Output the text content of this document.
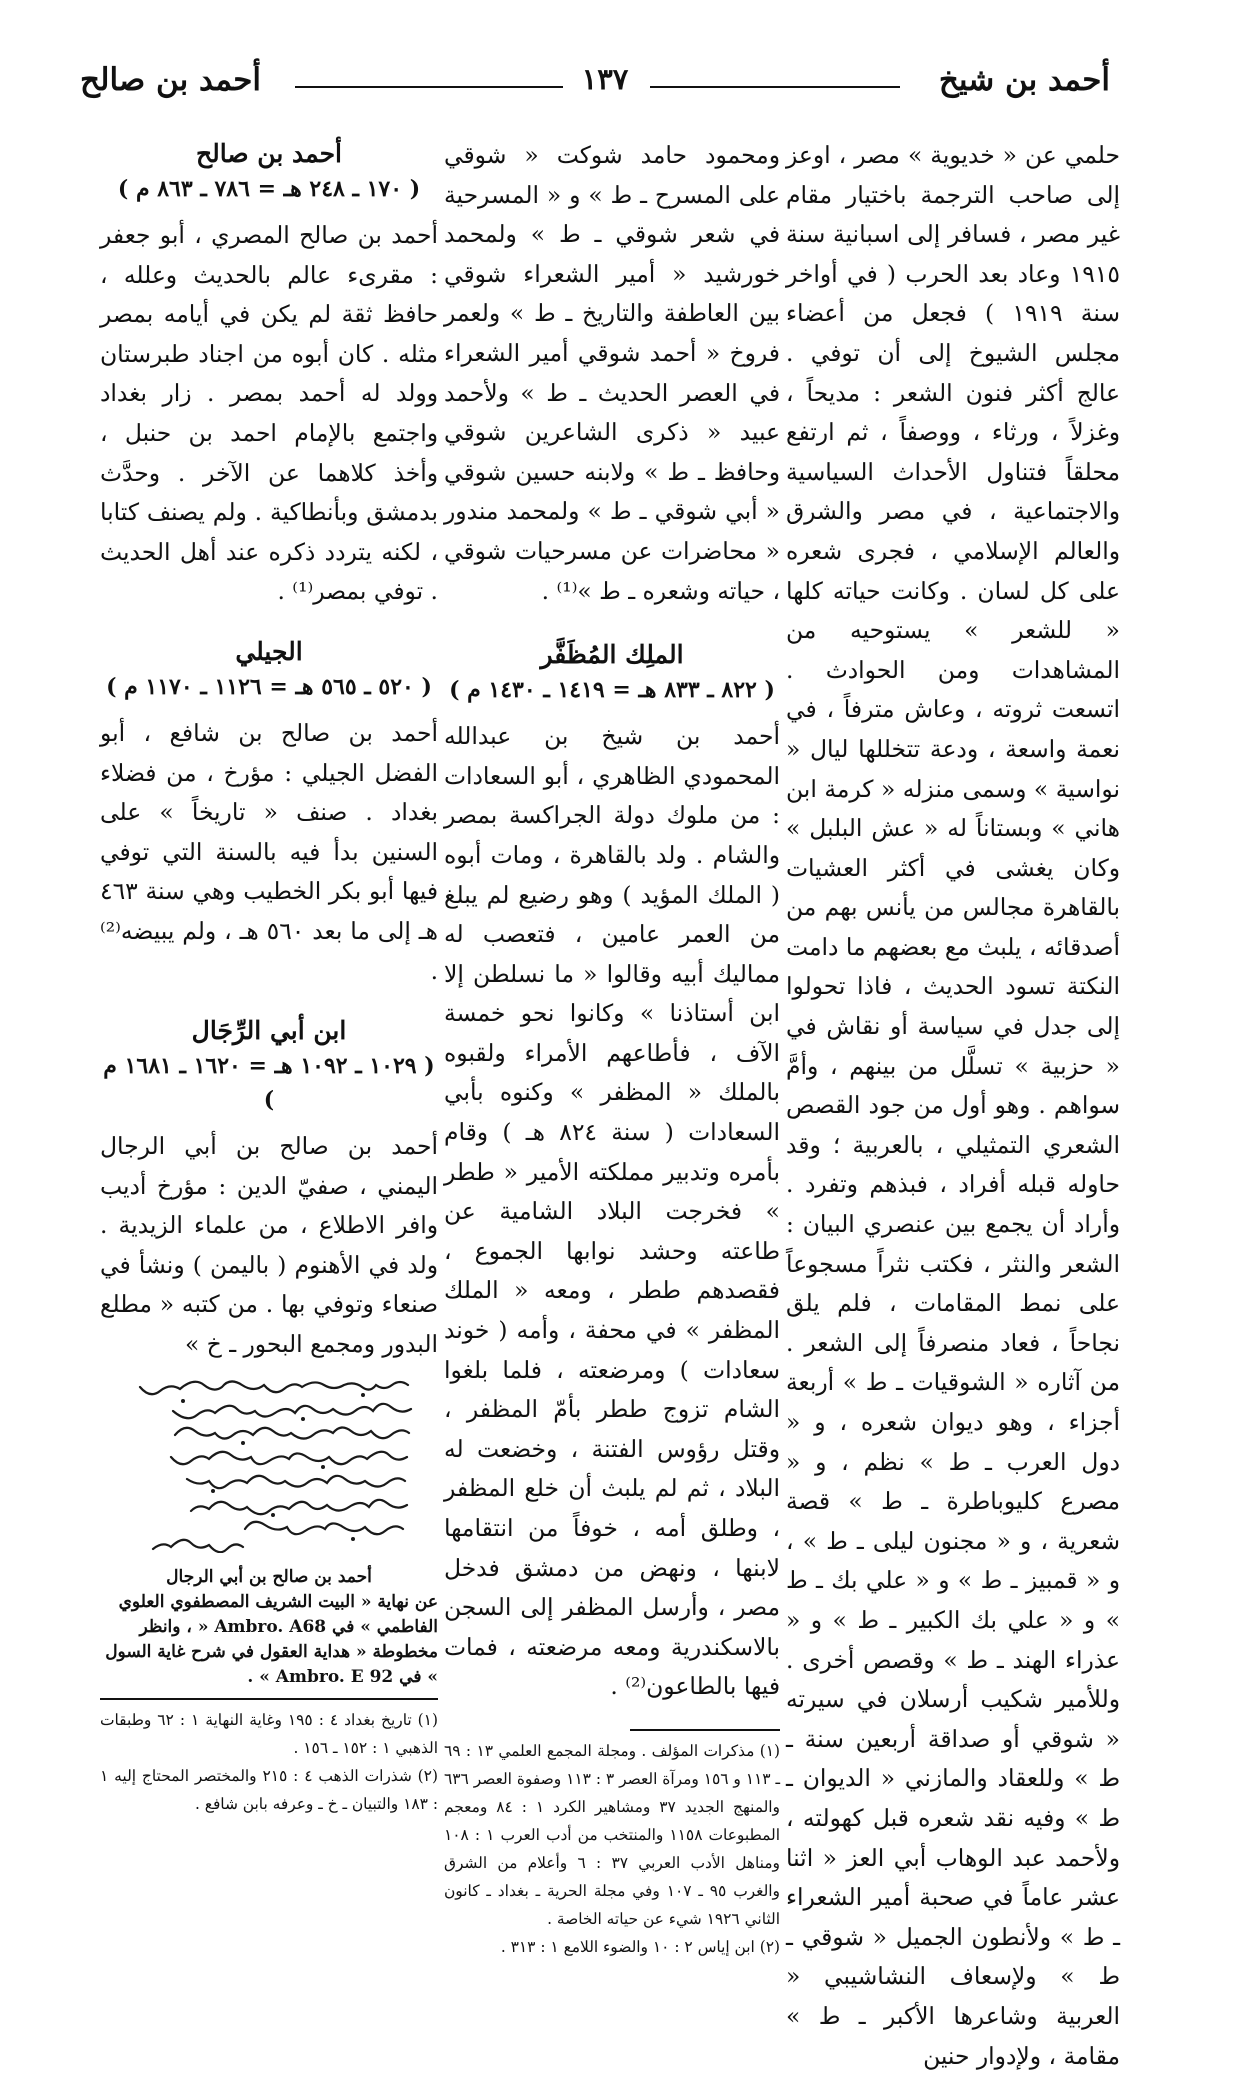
أحمد بن شيخ
١٣٧
أحمد بن صالح

حلمي عن « خديوية » مصر ، اوعز إلى صاحب الترجمة باختيار مقام غير مصر ، فسافر إلى اسبانية سنة ١٩١٥ وعاد بعد الحرب ( في أواخر سنة ١٩١٩ ) فجعل من أعضاء مجلس الشيوخ إلى أن توفي . عالج أكثر فنون الشعر : مديحاً ، وغزلاً ، ورثاء ، ووصفاً ، ثم ارتفع محلقاً فتناول الأحداث السياسية والاجتماعية ، في مصر والشرق والعالم الإسلامي ، فجرى شعره على كل لسان . وكانت حياته كلها « للشعر » يستوحيه من المشاهدات ومن الحوادث . اتسعت ثروته ، وعاش مترفاً ، في نعمة واسعة ، ودعة تتخللها ليال « نواسية » وسمى منزله « كرمة ابن هاني » وبستاناً له « عش البلبل » وكان يغشى في أكثر العشيات بالقاهرة مجالس من يأنس بهم من أصدقائه ، يلبث مع بعضهم ما دامت النكتة تسود الحديث ، فاذا تحولوا إلى جدل في سياسة أو نقاش في « حزبية » تسلَّل من بينهم ، وأمَّ سواهم . وهو أول من جود القصص الشعري التمثيلي ، بالعربية ؛ وقد حاوله قبله أفراد ، فبذهم وتفرد . وأراد أن يجمع بين عنصري البيان : الشعر والنثر ، فكتب نثراً مسجوعاً على نمط المقامات ، فلم يلق نجاحاً ، فعاد منصرفاً إلى الشعر . من آثاره « الشوقيات ـ ط » أربعة أجزاء ، وهو ديوان شعره ، و « دول العرب ـ ط » نظم ، و « مصرع كليوباطرة ـ ط » قصة شعرية ، و « مجنون ليلى ـ ط » ، و « قمبيز ـ ط » و « علي بك ـ ط » و « علي بك الكبير ـ ط » و « عذراء الهند ـ ط » وقصص أخرى . وللأمير شكيب أرسلان في سيرته « شوقي أو صداقة أربعين سنة ـ ط » وللعقاد والمازني « الديوان ـ ط » وفيه نقد شعره قبل كهولته ، ولأحمد عبد الوهاب أبي العز « اثنا عشر عاماً في صحبة أمير الشعراء ـ ط » ولأنطون الجميل « شوقي ـ ط » ولإسعاف النشاشيبي « العربية وشاعرها الأكبر ـ ط » مقامة ، ولإدوار حنين

ومحمود حامد شوكت « شوقي على المسرح ـ ط » و « المسرحية في شعر شوقي ـ ط » ولمحمد خورشيد « أمير الشعراء شوقي بين العاطفة والتاريخ ـ ط » ولعمر فروخ « أحمد شوقي أمير الشعراء في العصر الحديث ـ ط » ولأحمد عبيد « ذكرى الشاعرين شوقي وحافظ ـ ط » ولابنه حسين شوقي « أبي شوقي ـ ط » ولمحمد مندور « محاضرات عن مسرحيات شوقي ، حياته وشعره ـ ط »⁽¹⁾ .

الملِك المُظَفَّر

( ٨٢٢ ـ ٨٣٣ هـ = ١٤١٩ ـ ١٤٣٠ م )

أحمد بن شيخ بن عبدالله المحمودي الظاهري ، أبو السعادات : من ملوك دولة الجراكسة بمصر والشام . ولد بالقاهرة ، ومات أبوه ( الملك المؤيد ) وهو رضيع لم يبلغ من العمر عامين ، فتعصب له مماليك أبيه وقالوا « ما نسلطن إلا ابن أستاذنا » وكانوا نحو خمسة الآف ، فأطاعهم الأمراء ولقبوه بالملك « المظفر » وكنوه بأبي السعادات ( سنة ٨٢٤ هـ ) وقام بأمره وتدبير مملكته الأمير « ططر » فخرجت البلاد الشامية عن طاعته وحشد نوابها الجموع ، فقصدهم ططر ، ومعه « الملك المظفر » في محفة ، وأمه ( خوند سعادات ) ومرضعته ، فلما بلغوا الشام تزوج ططر بأمّ المظفر ، وقتل رؤوس الفتنة ، وخضعت له البلاد ، ثم لم يلبث أن خلع المظفر ، وطلق أمه ، خوفاً من انتقامها لابنها ، ونهض من دمشق فدخل مصر ، وأرسل المظفر إلى السجن بالاسكندرية ومعه مرضعته ، فمات فيها بالطاعون⁽²⁾ .

(١) مذكرات المؤلف . ومجلة المجمع العلمي ١٣ : ٦٩ ـ ١١٣ و ١٥٦ ومرآة العصر ٣ : ١١٣ وصفوة العصر ٦٣٦ والمنهج الجديد ٣٧ ومشاهير الكرد ١ : ٨٤ ومعجم المطبوعات ١١٥٨ والمنتخب من أدب العرب ١ : ١٠٨ ومناهل الأدب العربي ٣٧ : ٦ وأعلام من الشرق والغرب ٩٥ ـ ١٠٧ وفي مجلة الحرية ـ بغداد ـ كانون الثاني ١٩٢٦ شيء عن حياته الخاصة .

(٢) ابن إياس ٢ : ١٠ والضوء اللامع ١ : ٣١٣ .

أحمد بن صالح

( ١٧٠ ـ ٢٤٨ هـ = ٧٨٦ ـ ٨٦٣ م )

أحمد بن صالح المصري ، أبو جعفر : مقرىء عالم بالحديث وعلله ، حافظ ثقة لم يكن في أيامه بمصر مثله . كان أبوه من اجناد طبرستان وولد له أحمد بمصر . زار بغداد واجتمع بالإمام احمد بن حنبل ، وأخذ كلاهما عن الآخر . وحدَّث بدمشق وبأنطاكية . ولم يصنف كتابا ، لكنه يتردد ذكره عند أهل الحديث . توفي بمصر⁽¹⁾ .

الجيلي

( ٥٢٠ ـ ٥٦٥ هـ = ١١٢٦ ـ ١١٧٠ م )

أحمد بن صالح بن شافع ، أبو الفضل الجيلي : مؤرخ ، من فضلاء بغداد . صنف « تاريخاً » على السنين بدأ فيه بالسنة التي توفي فيها أبو بكر الخطيب وهي سنة ٤٦٣ هـ إلى ما بعد ٥٦٠ هـ ، ولم يبيضه⁽²⁾ .

ابن أبي الرِّجَال

( ١٠٢٩ ـ ١٠٩٢ هـ = ١٦٢٠ ـ ١٦٨١ م )

أحمد بن صالح بن أبي الرجال اليمني ، صفيّ الدين : مؤرخ أديب وافر الاطلاع ، من علماء الزيدية . ولد في الأهنوم ( باليمن ) ونشأ في صنعاء وتوفي بها . من كتبه « مطلع البدور ومجمع البحور ـ خ »

أحمد بن صالح بن أبي الرجال

عن نهاية « البيت الشريف المصطفوي العلوي الفاطمي » في Ambro. A68 « ، وانظر مخطوطة « هداية العقول في شرح غاية السول » في Ambro. E 92 » .

(١) تاريخ بغداد ٤ : ١٩٥ وغاية النهاية ١ : ٦٢ وطبقات الذهبي ١ : ١٥٢ ـ ١٥٦ .

(٢) شذرات الذهب ٤ : ٢١٥ والمختصر المحتاج إليه ١ : ١٨٣ والتبيان ـ خ ـ وعرفه بابن شافع .
